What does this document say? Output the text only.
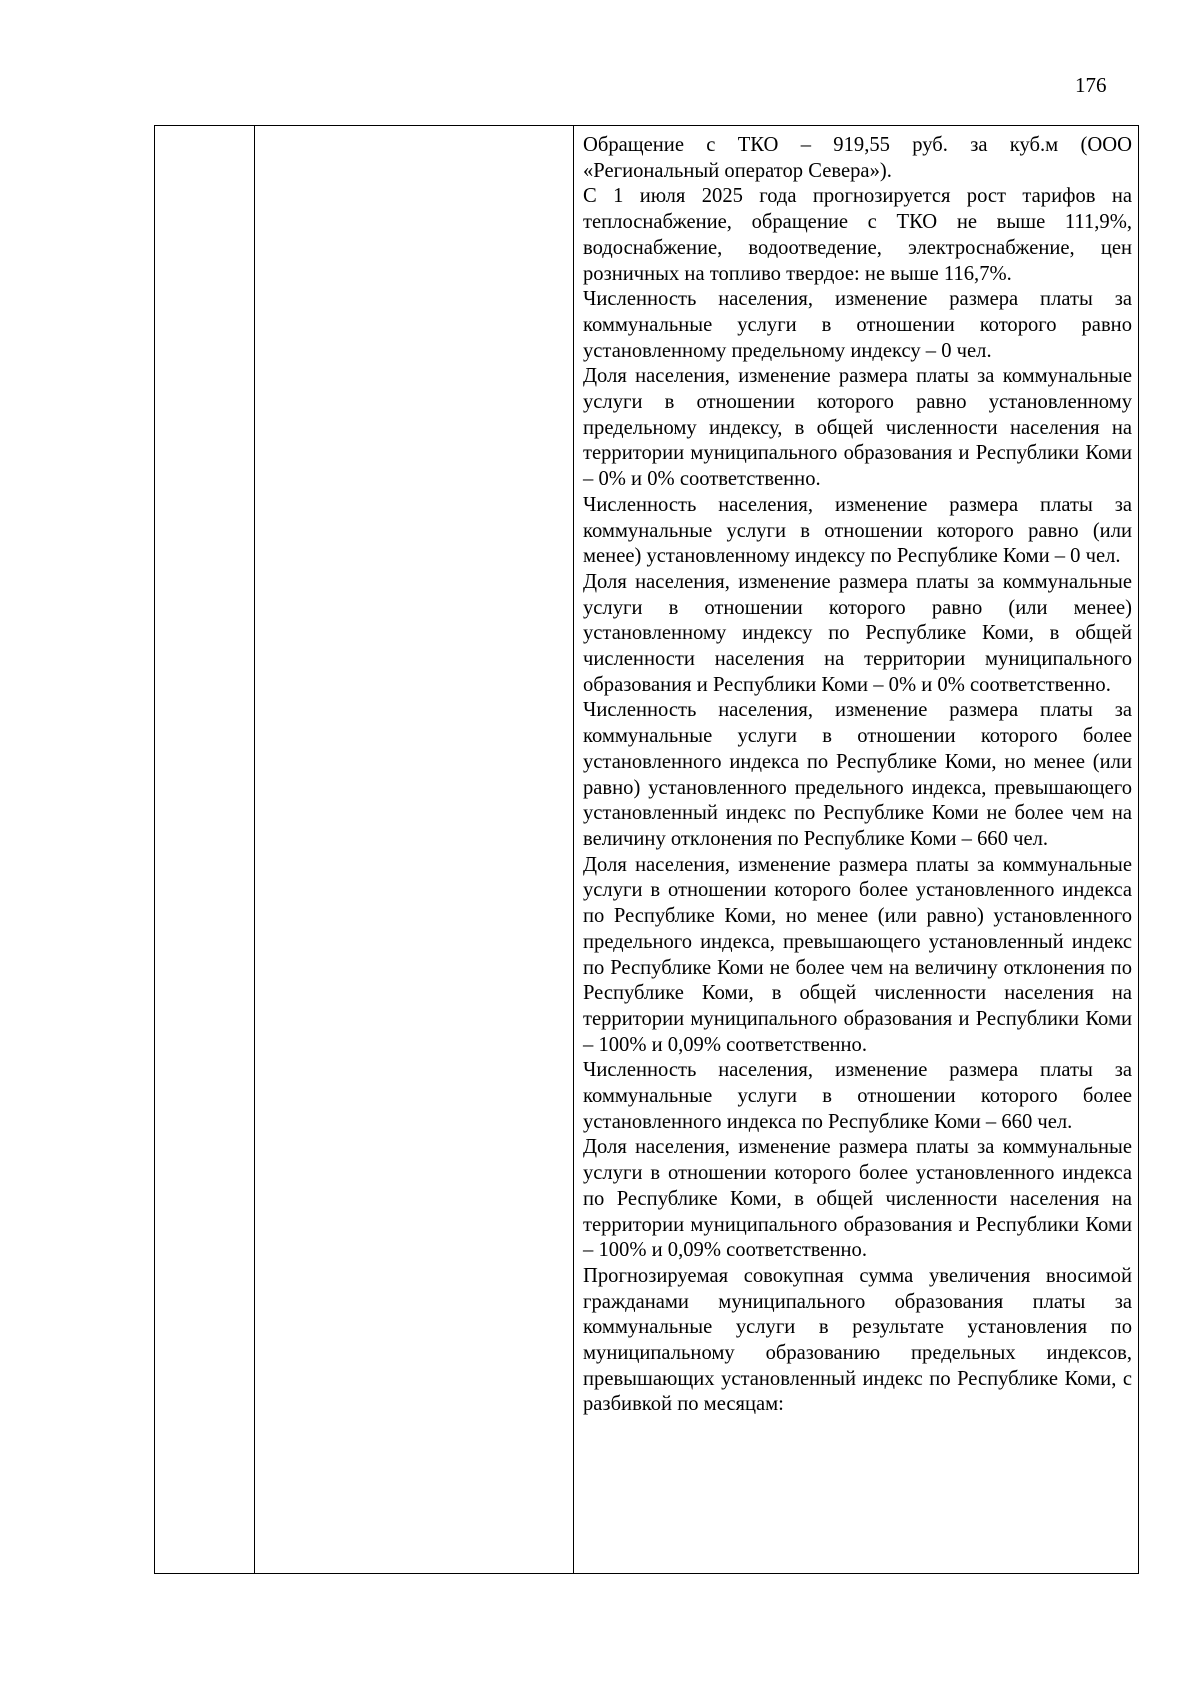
176

Обращение с ТКО – 919,55 руб. за куб.м (ООО «Региональный оператор Севера»).

С 1 июля 2025 года прогнозируется рост тарифов на теплоснабжение, обращение с ТКО не выше 111,9%, водоснабжение, водоотведение, электроснабжение, цен розничных на топливо твердое: не выше 116,7%.

Численность населения, изменение размера платы за коммунальные услуги в отношении которого равно установленному предельному индексу – 0 чел.

Доля населения, изменение размера платы за коммунальные услуги в отношении которого равно установленному предельному индексу, в общей численности населения на территории муниципального образования и Республики Коми – 0% и 0% соответственно.

Численность населения, изменение размера платы за коммунальные услуги в отношении которого равно (или менее) установленному индексу по Республике Коми – 0 чел.

Доля населения, изменение размера платы за коммунальные услуги в отношении которого равно (или менее) установленному индексу по Республике Коми, в общей численности населения на территории муниципального образования и Республики Коми – 0% и 0% соответственно.

Численность населения, изменение размера платы за коммунальные услуги в отношении которого более установленного индекса по Республике Коми, но менее (или равно) установленного предельного индекса, превышающего установленный индекс по Республике Коми не более чем на величину отклонения по Республике Коми – 660 чел.

Доля населения, изменение размера платы за коммунальные услуги в отношении которого более установленного индекса по Республике Коми, но менее (или равно) установленного предельного индекса, превышающего установленный индекс по Республике Коми не более чем на величину отклонения по Республике Коми, в общей численности населения на территории муниципального образования и Республики Коми – 100% и 0,09% соответственно.

Численность населения, изменение размера платы за коммунальные услуги в отношении которого более установленного индекса по Республике Коми – 660 чел.

Доля населения, изменение размера платы за коммунальные услуги в отношении которого более установленного индекса по Республике Коми, в общей численности населения на территории муниципального образования и Республики Коми – 100% и 0,09% соответственно.

Прогнозируемая совокупная сумма увеличения вносимой гражданами муниципального образования платы за коммунальные услуги в результате установления по муниципальному образованию предельных индексов, превышающих установленный индекс по Республике Коми, с разбивкой по месяцам:
